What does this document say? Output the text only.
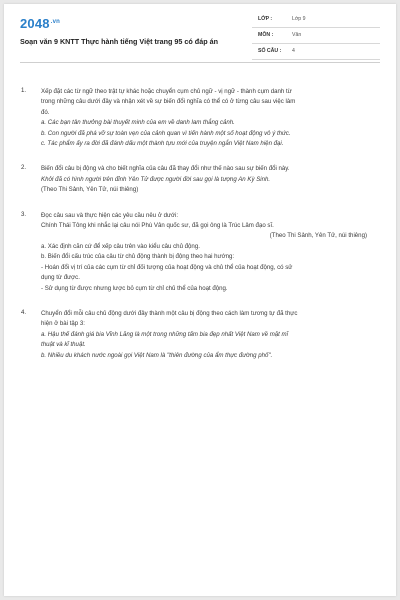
$2048^{.vn}$
Soạn văn 9 KNTT Thực hành tiếng Việt trang 95 có đáp án
LỚP :	Lớp 9
MÔN :	Văn
SỐ CÂU : 4
1. Xếp đặt các từ ngữ theo trật tự khác hoặc chuyển cụm chủ ngữ - vị ngữ - thành cụm danh từ

trong những câu dưới đây và nhận xét về sự biến đổi nghĩa có thể có ở từng câu sau việc làm

đó.

a. Các bạn tân thưởng bài thuyết minh của em về danh lam thắng cảnh.

b. Con người đã phá vỡ sự toàn vẹn của cảnh quan vì tiến hành một số hoạt động vô ý thức.

c. Tác phẩm ấy ra đời đã đánh dấu một thành tựu mới của truyện ngắn Việt Nam hiện đại.

2. Biến đổi câu bị động và cho biết nghĩa của câu đã thay đổi như thế nào sau sự biến đổi này.

Khởi đã có hình người trên đỉnh Yên Tử được người đời sau gọi là tượng An Kỳ Sinh.

(Theo Thi Sảnh, Yên Tử, núi thiêng)

3. Đọc câu sau và thực hiện các yêu cầu nêu ở dưới:

Chính Thái Tông khi nhắc lại câu nói Phù Vân quốc sư, đã gọi ông là Trúc Lâm đạo sĩ.

(Theo Thi Sảnh, Yên Tử, núi thiêng)

a. Xác định căn cứ để xếp câu trên vào kiểu câu chủ động.

b. Biến đổi cấu trúc của câu từ chủ động thành bị động theo hai hướng:

- Hoán đổi vị trí của các cụm từ chỉ đối tượng của hoạt động và chủ thể của hoạt động, có sử

dụng từ được.

- Sử dụng từ được nhưng lược bỏ cụm từ chỉ chủ thể của hoạt động.

4. Chuyển đổi mỗi câu chủ động dưới đây thành một câu bị động theo cách làm tương tự đã thực

hiện ở bài tập 3:

a. Hậu thế đánh giá bia Vĩnh Lăng là một trong những tấm bia đẹp nhất Việt Nam về mặt mĩ

thuật và kĩ thuật.

b. Nhiều du khách nước ngoài gọi Việt Nam là "thiên đường của ẩm thực đường phố".
